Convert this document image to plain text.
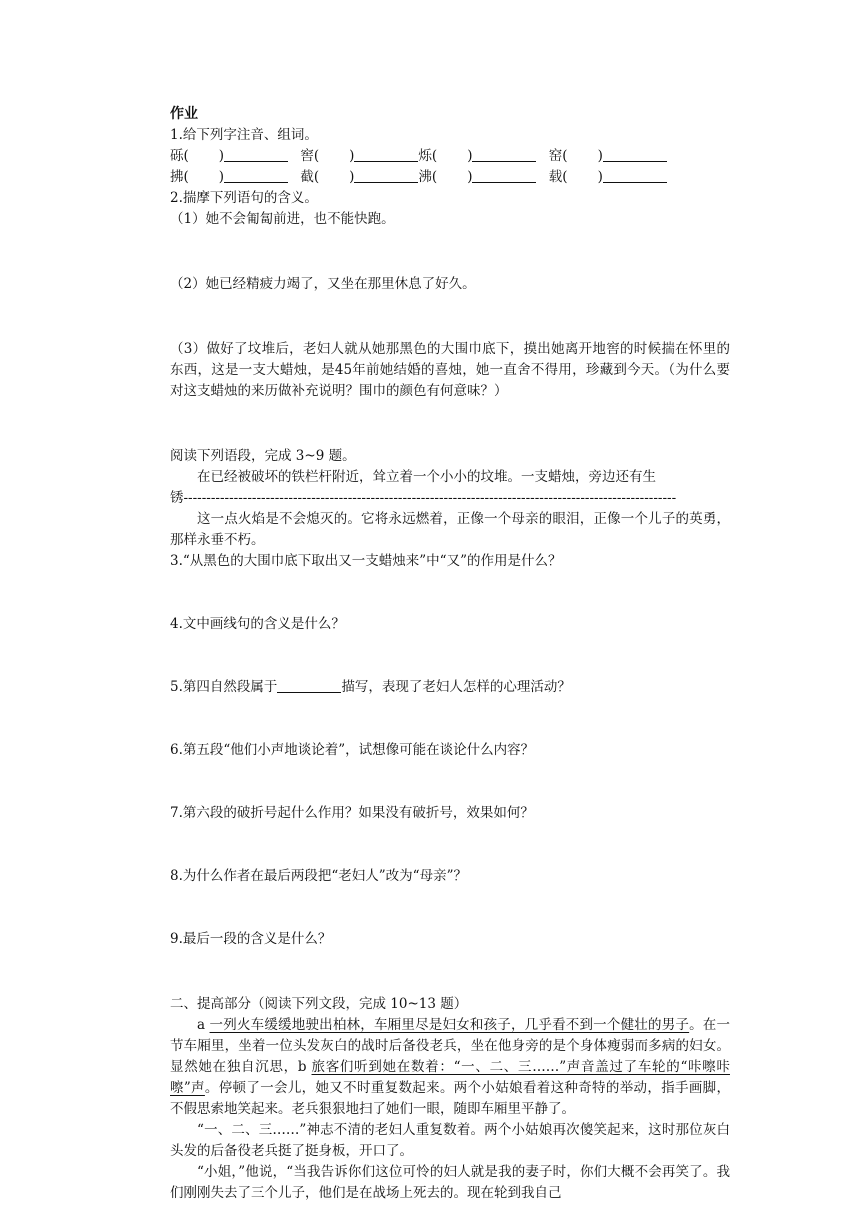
作业
1.给下列字注音、组词。
砾( )	窖( )	烁( )	窑( )
拂( )	截( )	沸( )	载( )
2.揣摩下列语句的含义。
（1）她不会匍匐前进，也不能快跑。
（2）她已经精疲力竭了，又坐在那里休息了好久。
（3）做好了坟堆后，老妇人就从她那黑色的大围巾底下，摸出她离开地窖的时候揣在怀里的东西，这是一支大蜡烛，是45年前她结婚的喜烛，她一直舍不得用，珍藏到今天。（为什么要对这支蜡烛的来历做补充说明？围巾的颜色有何意味？）
阅读下列语段，完成 3~9 题。
在已经被破坏的铁栏杆附近，耸立着一个小小的坟堆。一支蜡烛，旁边还有生
锈------------------------------------------------------------------------------------------------------------
这一点火焰是不会熄灭的。它将永远燃着，正像一个母亲的眼泪，正像一个儿子的英勇，那样永垂不朽。
3.“从黑色的大围巾底下取出又一支蜡烛来”中“又”的作用是什么？
4.文中画线句的含义是什么？
5.第四自然段属于	描写，表现了老妇人怎样的心理活动？
6.第五段“他们小声地谈论着”，试想像可能在谈论什么内容？
7.第六段的破折号起什么作用？如果没有破折号，效果如何？
8.为什么作者在最后两段把“老妇人”改为“母亲”？
9.最后一段的含义是什么？
二、提高部分（阅读下列文段，完成 10~13 题）
a 一列火车缓缓地驶出柏林，车厢里尽是妇女和孩子，几乎看不到一个健壮的男子。在一节车厢里，坐着一位头发灰白的战时后备役老兵，坐在他身旁的是个身体瘦弱而多病的妇女。显然她在独自沉思，b 旅客们听到她在数着：“一、二、三……”声音盖过了车轮的“咔嚓咔嚓”声。停顿了一会儿，她又不时重复数起来。两个小姑娘看着这种奇特的举动，指手画脚，不假思索地笑起来。老兵狠狠地扫了她们一眼，随即车厢里平静了。
“一、二、三……”神志不清的老妇人重复数着。两个小姑娘再次傻笑起来，这时那位灰白头发的后备役老兵挺了挺身板，开口了。
“小姐，”他说，“当我告诉你们这位可怜的妇人就是我的妻子时，你们大概不会再笑了。我们刚刚失去了三个儿子，他们是在战场上死去的。现在轮到我自己
